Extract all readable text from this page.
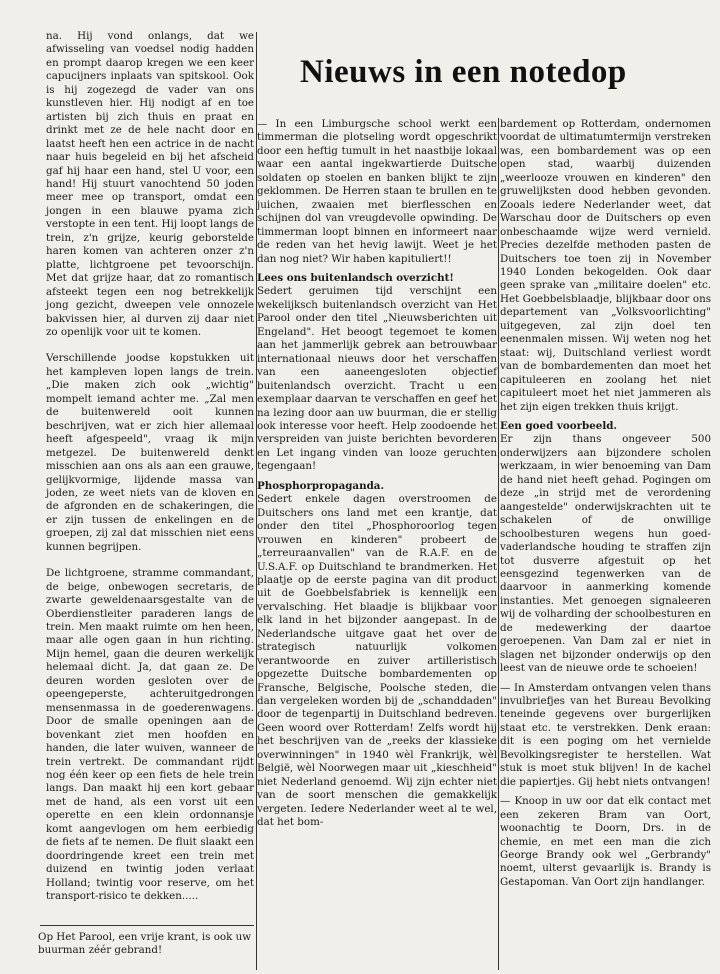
Nieuws in een notedop

na. Hij vond onlangs, dat we afwisseling van voedsel nodig hadden en prompt daarop kregen we een keer capucijners inplaats van spitskool. Ook is hij zogezegd de vader van ons kunstleven hier. Hij nodigt af en toe artisten bij zich thuis en praat en drinkt met ze de hele nacht door en laatst heeft hen een actrice in de nacht naar huis begeleid en bij het afscheid gaf hij haar een hand, stel U voor, een hand! Hij stuurt vanochtend 50 joden meer mee op transport, omdat een jongen in een blauwe pyama zich verstopte in een tent. Hij loopt langs de trein, z'n grijze, keurig geborstelde haren komen van achteren onzer z'n platte, lichtgroene pet tevoorschijn. Met dat grijze haar, dat zo romantisch afsteekt tegen een nog betrekkelijk jong gezicht, dweepen vele onnozele bakvissen hier, al durven zij daar niet zo openlijk voor uit te komen.

Verschillende joodse kopstukken uit het kampleven lopen langs de trein. „Die maken zich ook „wichtig" mompelt iemand achter me. „Zal men de buitenwereld ooit kunnen beschrijven, wat er zich hier allemaal heeft afgespeeld", vraag ik mijn metgezel. De buitenwereld denkt misschien aan ons als aan een grauwe, gelijkvormige, lijdende massa van joden, ze weet niets van de kloven en de afgronden en de schakeringen, die er zijn tussen de enkelingen en de groepen, zij zal dat misschien niet eens kunnen begrijpen.

De lichtgroene, stramme commandant, de beige, onbewogen secretaris, de zwarte geweldenaarsgestalte van de Oberdienstleiter paraderen langs de trein. Men maakt ruimte om hen heen, maar alle ogen gaan in hun richting. Mijn hemel, gaan die deuren werkelijk helemaal dicht. Ja, dat gaan ze. De deuren worden gesloten over de opeengeperste, achteruitgedrongen mensenmassa in de goederenwagens. Door de smalle openingen aan de bovenkant ziet men hoofden en handen, die later wuiven, wanneer de trein vertrekt. De commandant rijdt nog één keer op een fiets de hele trein langs. Dan maakt hij een kort gebaar met de hand, als een vorst uit een operette en een klein ordonnansje komt aangevlogen om hem eerbiedig de fiets af te nemen. De fluit slaakt een doordringende kreet een trein met duizend en twintig joden verlaat Holland; twintig voor reserve, om het transport-risico te dekken.....

Op Het Parool, een vrije krant, is ook uw buurman zéér gebrand!

— In een Limburgsche school werkt een timmerman die plotseling wordt opgeschrikt door een heftig tumult in het naastbije lokaal waar een aantal ingekwartierde Duitsche soldaten op stoelen en banken blijkt te zijn geklommen. De Herren staan te brullen en te juichen, zwaaien met bierflesschen en schijnen dol van vreugdevolle opwinding. De timmerman loopt binnen en informeert naar de reden van het hevig lawijt. Weet je het dan nog niet? Wir haben kapituliert!!

Lees ons buitenlandsch overzicht!

Sedert geruimen tijd verschijnt een wekelijksch buitenlandsch overzicht van Het Parool onder den titel „Nieuwsberichten uit Engeland". Het beoogt tegemoet te komen aan het jammerlijk gebrek aan betrouwbaar internationaal nieuws door het verschaffen van een aaneengesloten objectief buitenlandsch overzicht. Tracht u een exemplaar daarvan te verschaffen en geef het na lezing door aan uw buurman, die er stellig ook interesse voor heeft. Help zoodoende het verspreiden van juiste berichten bevorderen en Let ingang vinden van looze geruchten tegengaan!

Phosphorpropaganda.

Sedert enkele dagen overstroomen de Duitschers ons land met een krantje, dat onder den titel „Phosphoroorlog tegen vrouwen en kinderen" probeert de „terreuraanvallen" van de R.A.F. en de U.S.A.F. op Duitschland te brandmerken. Het plaatje op de eerste pagina van dit product uit de Goebbelsfabriek is kennelijk een vervalsching. Het blaadje is blijkbaar voor elk land in het bijzonder aangepast. In de Nederlandsche uitgave gaat het over de strategisch natuurlijk volkomen verantwoorde en zuiver artilleristisch opgezette Duitsche bombardementen op Fransche, Belgische, Poolsche steden, die dan vergeleken worden bij de „schanddaden" door de tegenpartij in Duitschland bedreven. Geen woord over Rotterdam! Zelfs wordt hij het beschrijven van de „reeks der klassieke overwinningen" in 1940 wèl Frankrijk, wèl België, wèl Noorwegen maar uit „kieschheid" niet Nederland genoemd. Wij zijn echter niet van de soort menschen die gemakkelijk vergeten. Iedere Nederlander weet al te wel, dat het bom-

bardement op Rotterdam, ondernomen voordat de ultimatumtermijn verstreken was, een bombardement was op een open stad, waarbij duizenden „weerlooze vrouwen en kinderen" den gruwelijksten dood hebben gevonden. Zooals iedere Nederlander weet, dat Warschau door de Duitschers op even onbeschaamde wijze werd vernield. Precies dezelfde methoden pasten de Duitschers toe toen zij in November 1940 Londen bekogelden. Ook daar geen sprake van „militaire doelen" etc. Het Goebbelsblaadje, blijkbaar door ons departement van „Volksvoorlichting" uitgegeven, zal zijn doel ten eenenmalen missen. Wij weten nog het staat: wij, Duitschland verliest wordt van de bombardementen dan moet het capituleeren en zoolang het niet capituleert moet het niet jammeren als het zijn eigen trekken thuis krijgt.

Een goed voorbeeld.

Er zijn thans ongeveer 500 onderwijzers aan bijzondere scholen werkzaam, in wier benoeming van Dam de hand niet heeft gehad. Pogingen om deze „in strijd met de verordening aangestelde" onderwijskrachten uit te schakelen of de onwillige schoolbesturen wegens hun goed-vaderlandsche houding te straffen zijn tot dusverre afgestuit op het eensgezind tegenwerken van de daarvoor in aanmerking komende instanties. Met genoegen signaleeren wij de volharding der schoolbesturen en de medewerking der daartoe geroepenen. Van Dam zal er niet in slagen net bijzonder onderwijs op den leest van de nieuwe orde te schoeien!

— In Amsterdam ontvangen velen thans invulbriefjes van het Bureau Bevolking teneinde gegevens over burgerlijken staat etc. te verstrekken. Denk eraan: dit is een poging om het vernielde Bevolkingsregister te herstellen. Wat stuk is moet stuk blijven! In de kachel die papiertjes. Gij hebt niets ontvangen!

— Knoop in uw oor dat elk contact met een zekeren Bram van Oort, woonachtig te Doorn, Drs. in de chemie, en met een man die zich George Brandy ook wel „Gerbrandy" noemt, ulterst gevaarlijk is. Brandy is Gestapoman. Van Oort zijn handlanger.
